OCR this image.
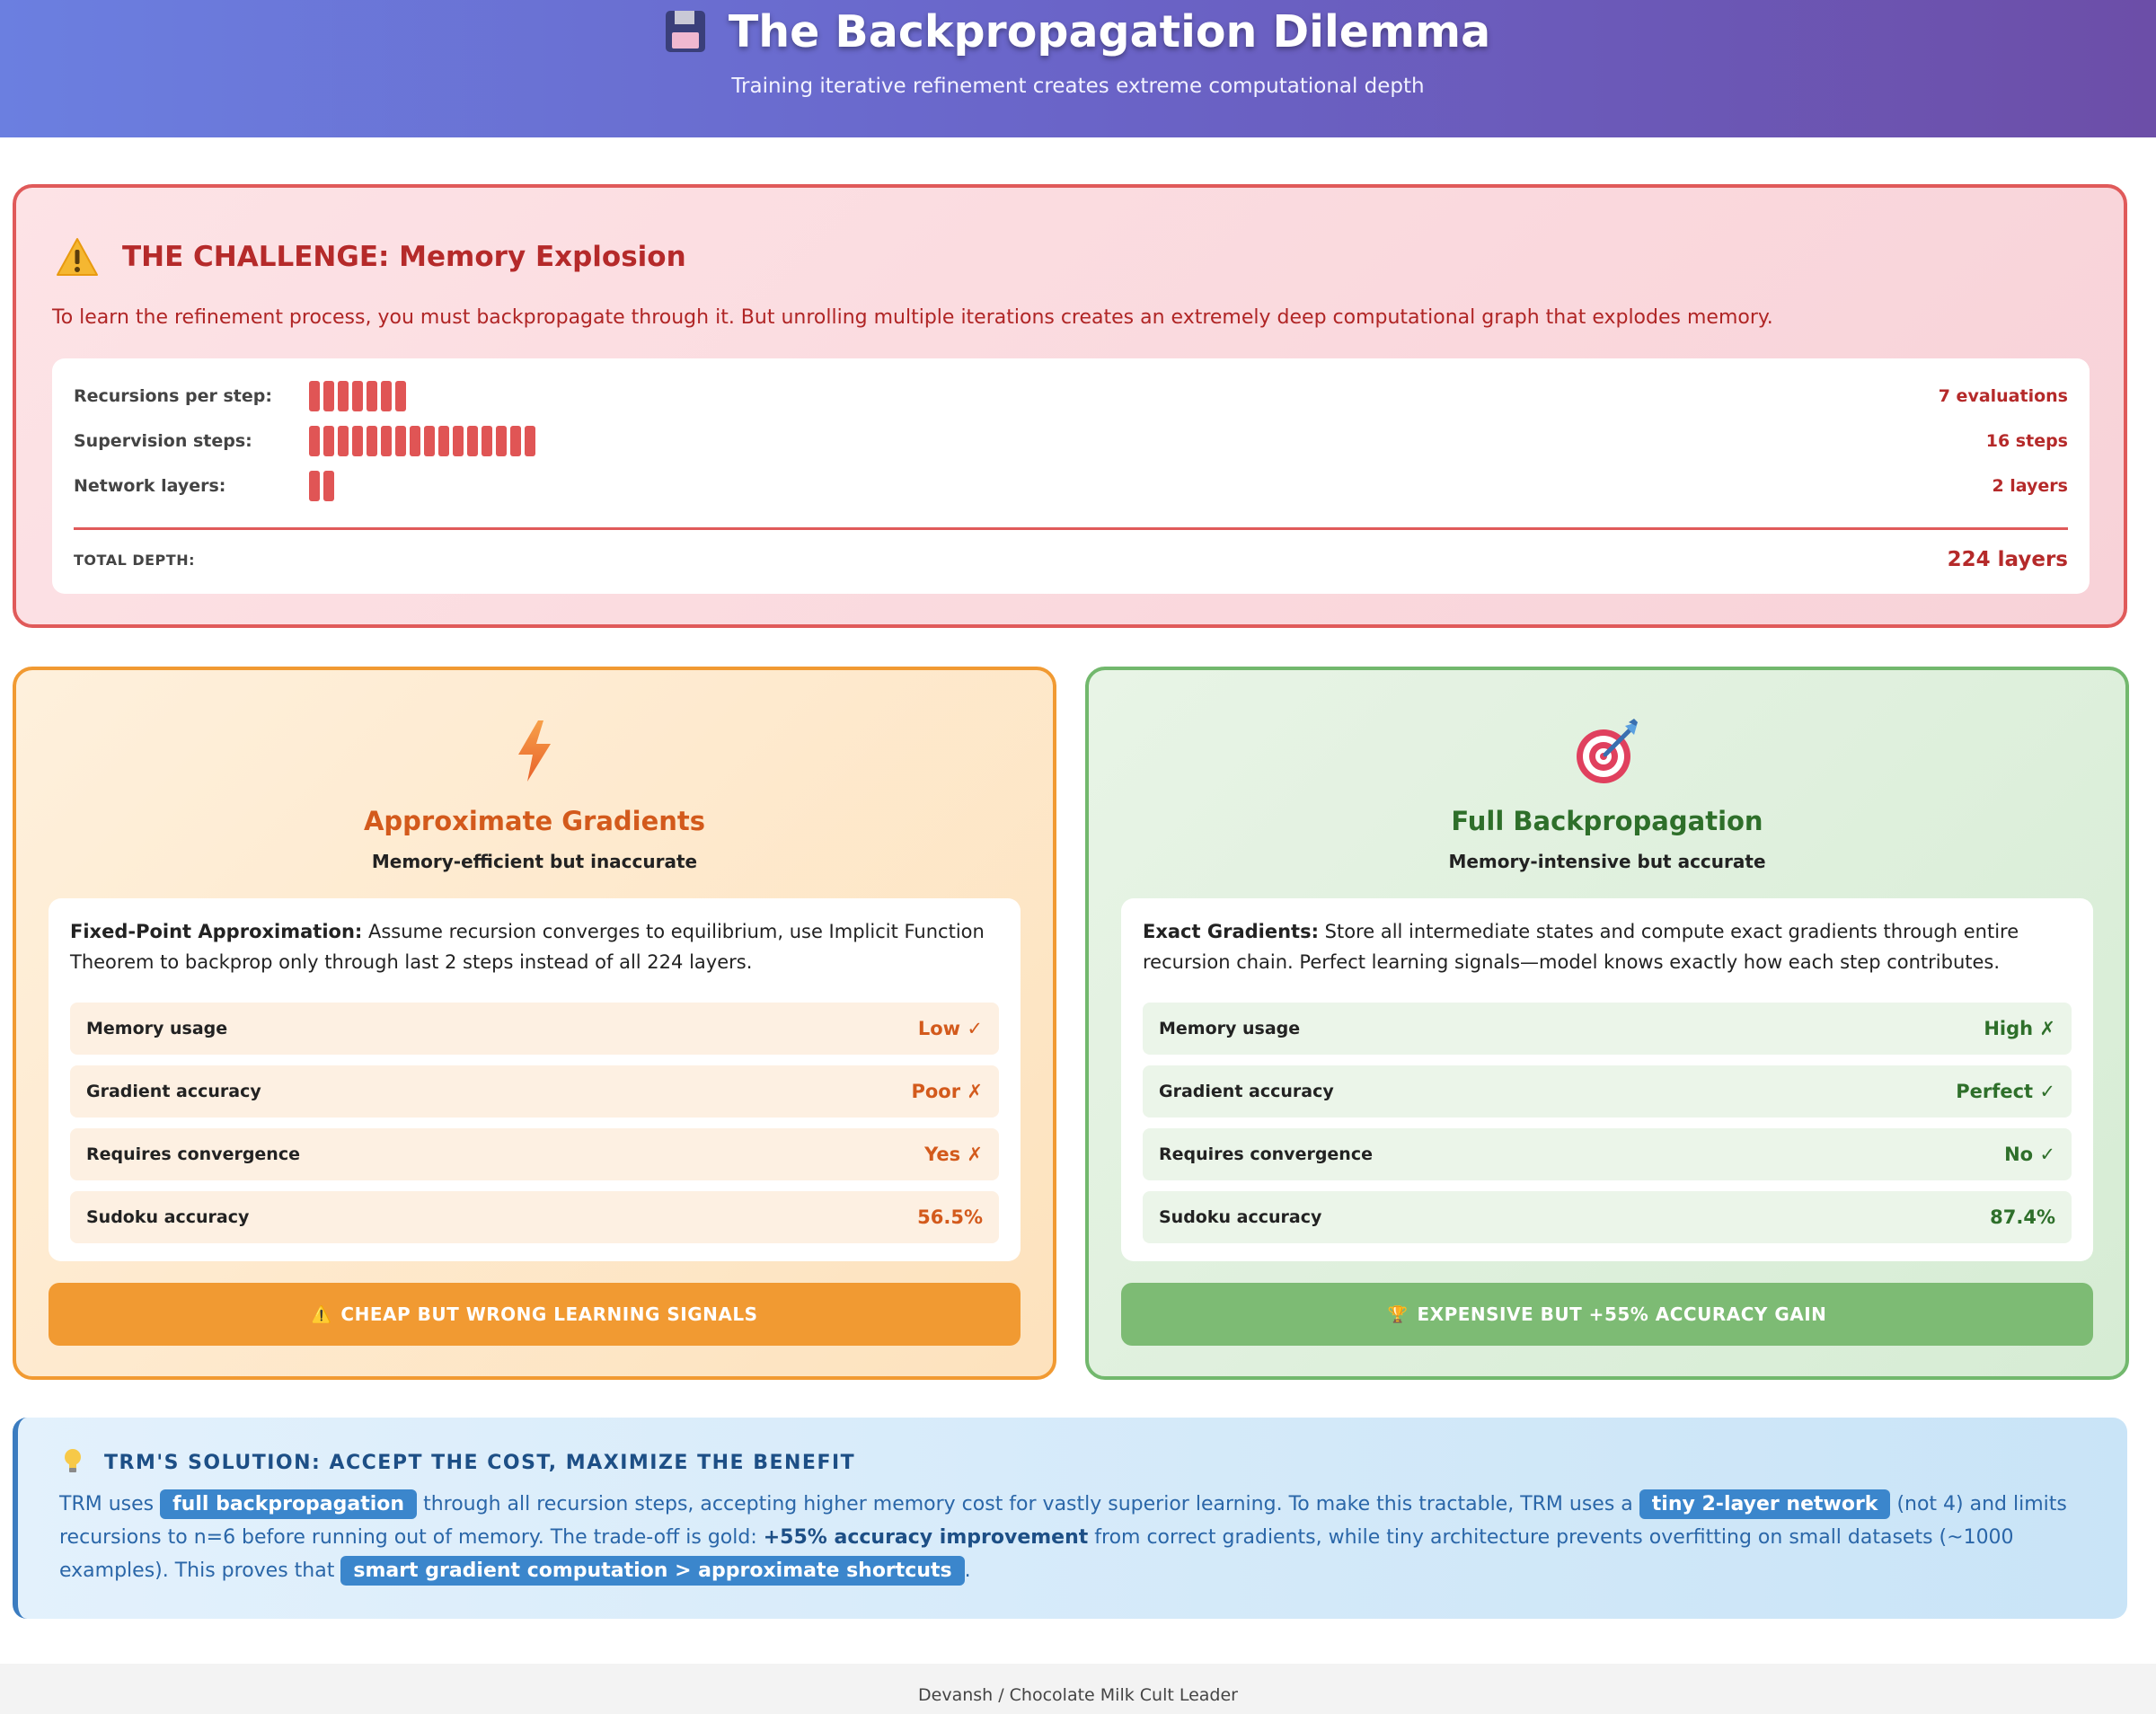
The Backpropagation Dilemma
Training iterative refinement creates extreme computational depth
THE CHALLENGE: Memory Explosion
To learn the refinement process, you must backpropagate through it. But unrolling multiple iterations creates an extremely deep computational graph that explodes memory.
Recursions per step:	7 evaluations
Supervision steps:	16 steps
Network layers:	2 layers
TOTAL DEPTH:	224 layers
Approximate Gradients
Memory-efficient but inaccurate
Fixed-Point Approximation: Assume recursion converges to equilibrium, use Implicit Function Theorem to backprop only through last 2 steps instead of all 224 layers.
Memory usage	Low ✓
Gradient accuracy	Poor ✗
Requires convergence	Yes ✗
Sudoku accuracy	56.5%
⚠️ CHEAP BUT WRONG LEARNING SIGNALS
Full Backpropagation
Memory-intensive but accurate
Exact Gradients: Store all intermediate states and compute exact gradients through entire recursion chain. Perfect learning signals—model knows exactly how each step contributes.
Memory usage	High ✗
Gradient accuracy	Perfect ✓
Requires convergence	No ✓
Sudoku accuracy	87.4%
🏆 EXPENSIVE BUT +55% ACCURACY GAIN
TRM'S SOLUTION: ACCEPT THE COST, MAXIMIZE THE BENEFIT
TRM uses full backpropagation through all recursion steps, accepting higher memory cost for vastly superior learning. To make this tractable, TRM uses a tiny 2-layer network (not 4) and limits recursions to n=6 before running out of memory. The trade-off is gold: +55% accuracy improvement from correct gradients, while tiny architecture prevents overfitting on small datasets (~1000 examples). This proves that smart gradient computation > approximate shortcuts .
Devansh / Chocolate Milk Cult Leader
